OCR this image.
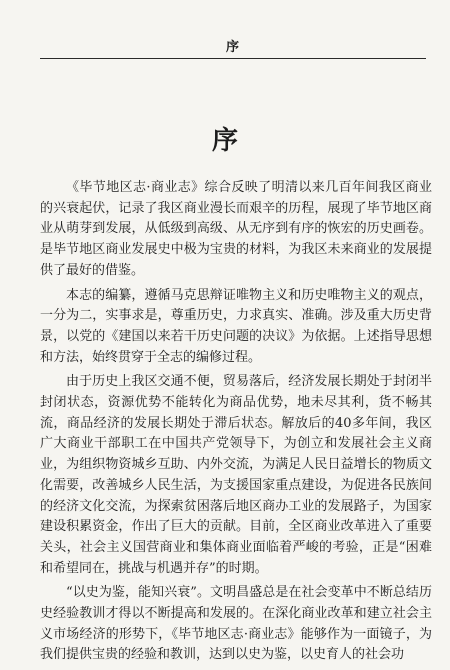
序
序

《毕节地区志·商业志》综合反映了明清以来几百年间我区商业的兴衰起伏，记录了我区商业漫长而艰辛的历程，展现了毕节地区商业从萌芽到发展，从低级到高级、从无序到有序的恢宏的历史画卷。是毕节地区商业发展史中极为宝贵的材料，为我区未来商业的发展提供了最好的借鉴。

本志的编纂，遵循马克思辩证唯物主义和历史唯物主义的观点，一分为二，实事求是，尊重历史，力求真实、准确。涉及重大历史背景，以党的《建国以来若干历史问题的决议》为依据。上述指导思想和方法，始终贯穿于全志的编修过程。

由于历史上我区交通不便，贸易落后，经济发展长期处于封闭半封闭状态，资源优势不能转化为商品优势，地未尽其利，货不畅其流，商品经济的发展长期处于滞后状态。解放后的40多年间，我区广大商业干部职工在中国共产党领导下，为创立和发展社会主义商业，为组织物资城乡互助、内外交流，为满足人民日益增长的物质文化需要，改善城乡人民生活，为支援国家重点建设，为促进各民族间的经济文化交流，为探索贫困落后地区商办工业的发展路子，为国家建设积累资金，作出了巨大的贡献。目前，全区商业改革进入了重要关头，社会主义国营商业和集体商业面临着严峻的考验，正是“困难和希望同在，挑战与机遇并存”的时期。

“以史为鉴，能知兴衰”。文明昌盛总是在社会变革中不断总结历史经验教训才得以不断提高和发展的。在深化商业改革和建立社会主义市场经济的形势下，《毕节地区志·商业志》能够作为一面镜子，为我们提供宝贵的经验和教训，达到以史为鉴，以史育人的社会功
